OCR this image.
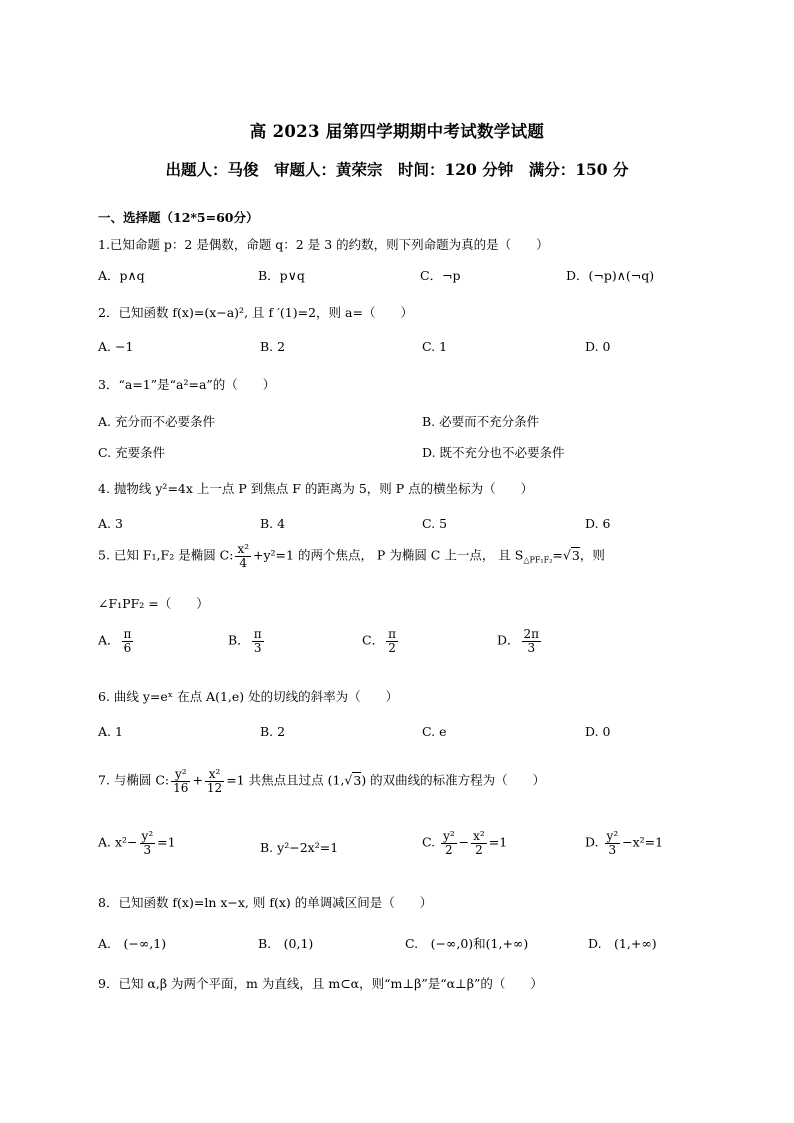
高 2023 届第四学期期中考试数学试题
出题人：马俊　审题人：黄荣宗　时间：120 分钟　满分：150 分
一、选择题（12*5=60分）
1.已知命题 p：2 是偶数，命题 q：2 是 3 的约数，则下列命题为真的是（　　）
A．p∧q	B．p∨q	C．¬p	D．(¬p)∧(¬q)
2．已知函数 f(x)=(x−a)², 且 f ′(1)=2，则 a=（　　）
A. −1	B. 2	C. 1	D. 0
3．“a=1”是“a²=a”的（　　）
A. 充分而不必要条件	B. 必要而不充分条件
C. 充要条件	D. 既不充分也不必要条件
4. 抛物线 y²=4x 上一点 P 到焦点 F 的距离为 5，则 P 点的横坐标为（　　）
A. 3	B. 4	C. 5	D. 6
5. 已知 F₁,F₂ 是椭圆 C: $\frac{\text{x²}}{4} +y^2=1$ 的两个焦点， P 为椭圆 C 上一点， 且 $S_{\triangle PF_1F_2}=√3$，则
∠F₁PF₂ =（　　）
A． $\frac{\pi}{6}$	B． $\frac{\pi}{3}$	C． $\frac{\pi}{2}$	D． $\frac{2\pi}{3}$
6. 曲线 y=eˣ 在点 A(1,e) 处的切线的斜率为（　　）
A. 1	B. 2	C. e	D. 0
7. 与椭圆 C: $\frac{\text{y²}}{16} + \frac{\text{x²}}{12} =1$ 共焦点且过点 (1,√3) 的双曲线的标准方程为（　　）
A. $x^2- \frac{\text{y²}}{3} =1$	B. y²−2x²=1	C. $\frac{\text{y²}}{2} - \frac{\text{x²}}{2} =1$	D. $\frac{\text{y²}}{3} -x^2=1$
8．已知函数 f(x)=ln x−x, 则 f(x) 的单调减区间是（　　）
A.　(−∞,1)	B.　(0,1)	C.　(−∞,0)和(1,+∞)	D.　(1,+∞)
9．已知 α,β 为两个平面，m 为直线，且 m⊂α，则“m⊥β”是“α⊥β”的（　　）
